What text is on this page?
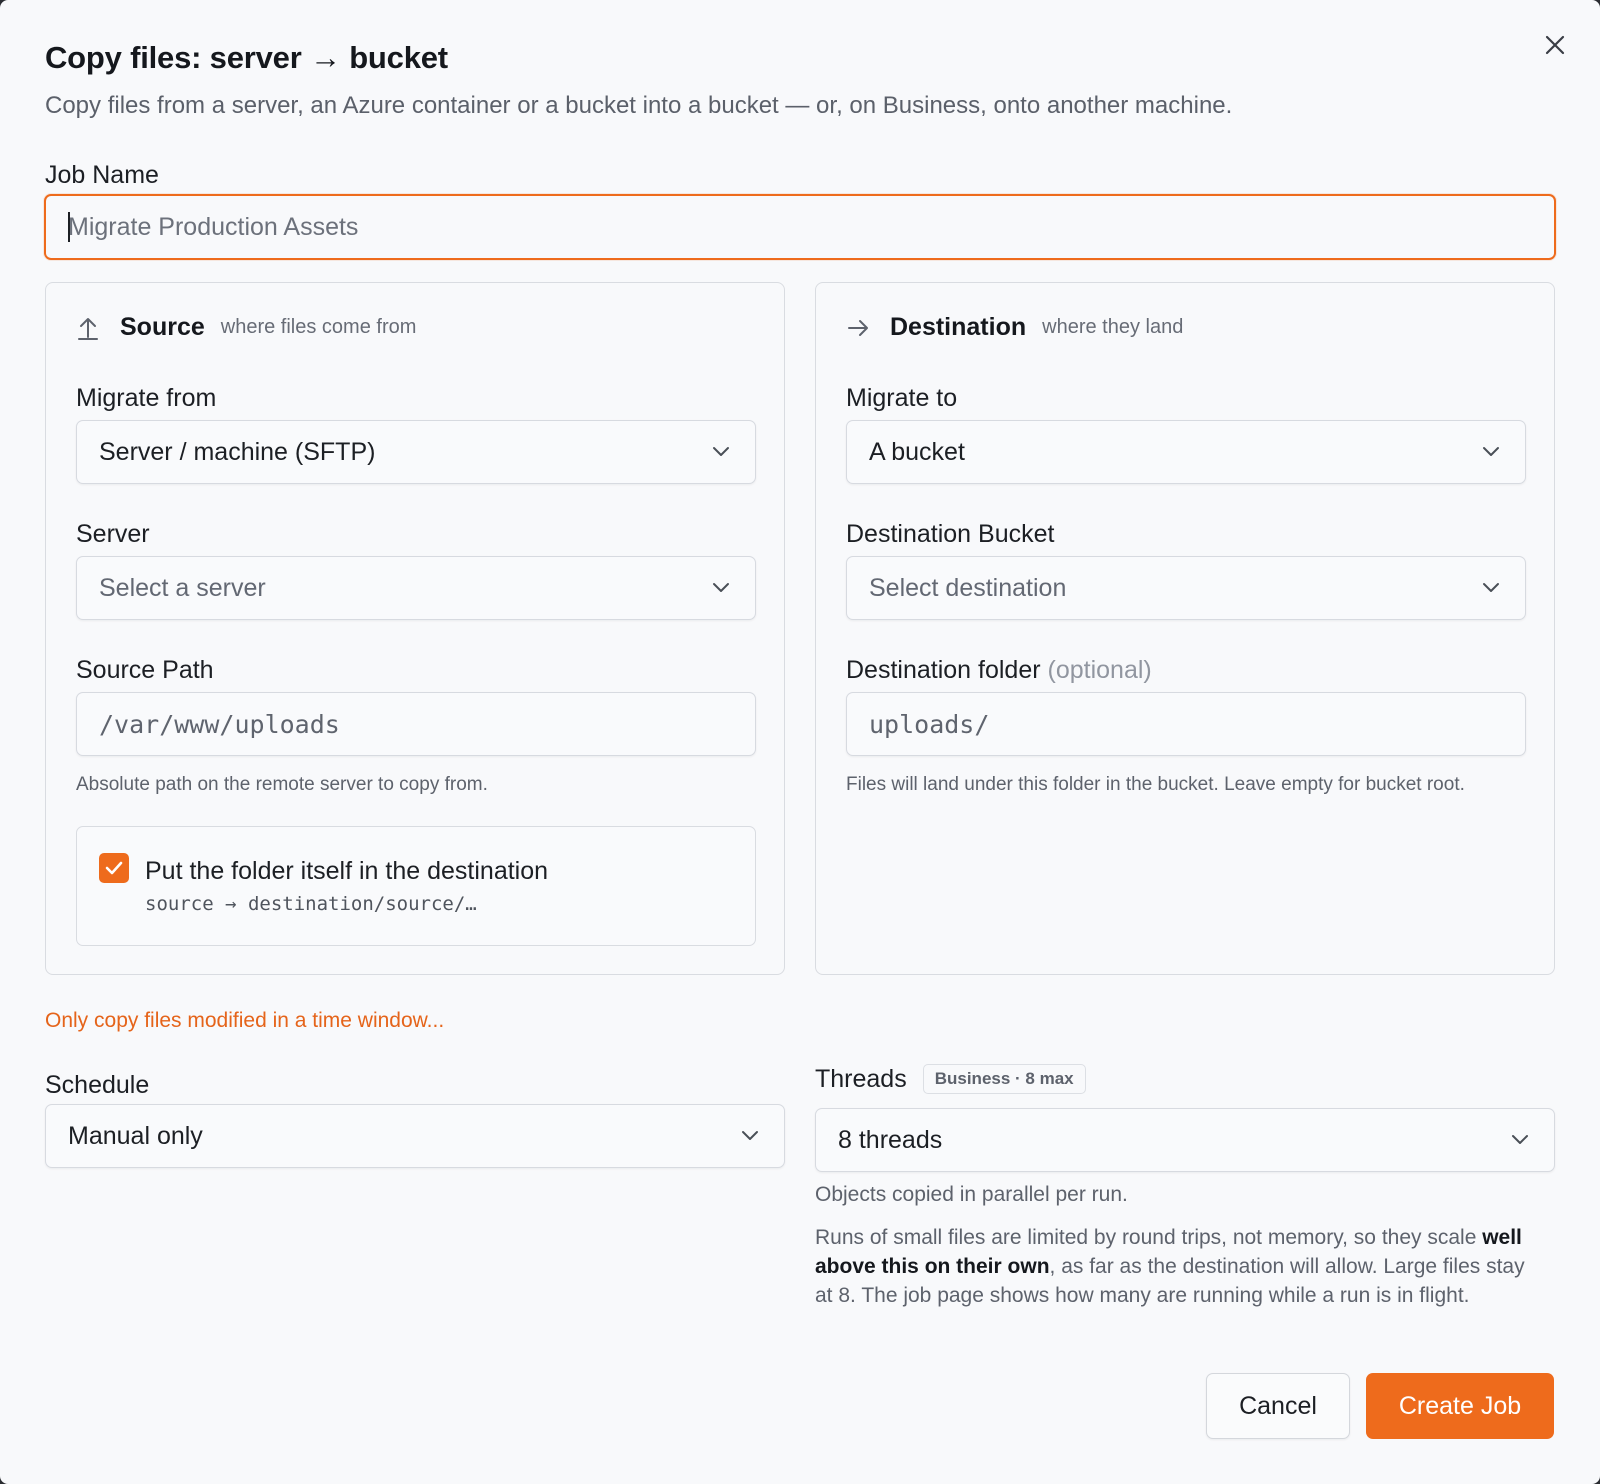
Copy files: server → bucket
Copy files from a server, an Azure container or a bucket into a bucket — or, on Business, onto another machine.
Job Name
Migrate Production Assets
Source where files come from
Migrate from
Server / machine (SFTP)
Server
Select a server
Source Path
/var/www/uploads
Absolute path on the remote server to copy from.
Put the folder itself in the destination
source → destination/source/…
Destination where they land
Migrate to
A bucket
Destination Bucket
Select destination
Destination folder (optional)
uploads/
Files will land under this folder in the bucket. Leave empty for bucket root.
Only copy files modified in a time window...
Schedule
Manual only
Threads	Business · 8 max
8 threads
Objects copied in parallel per run.
Runs of small files are limited by round trips, not memory, so they scale well above this on their own, as far as the destination will allow. Large files stay at 8. The job page shows how many are running while a run is in flight.
Cancel	Create Job
